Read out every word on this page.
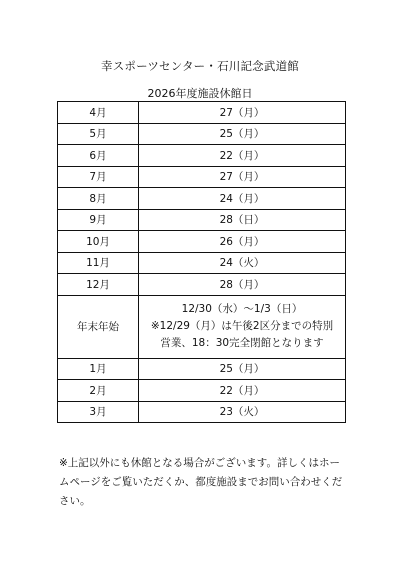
幸スポーツセンター・石川記念武道館
2026年度施設休館日
4月	27（月）
5月	25（月）
6月	22（月）
7月	27（月）
8月	24（月）
9月	28（日）
10月	26（月）
11月	24（火）
12月	28（月）
年末年始	12/30（水）～1/3（日）
※12/29（月）は午後2区分までの特別
営業、18：30完全閉館となります

1月	25（月）
2月	22（月）
3月	23（火）
※上記以外にも休館となる場合がございます。詳しくはホームページをご覧いただくか、都度施設までお問い合わせください。
